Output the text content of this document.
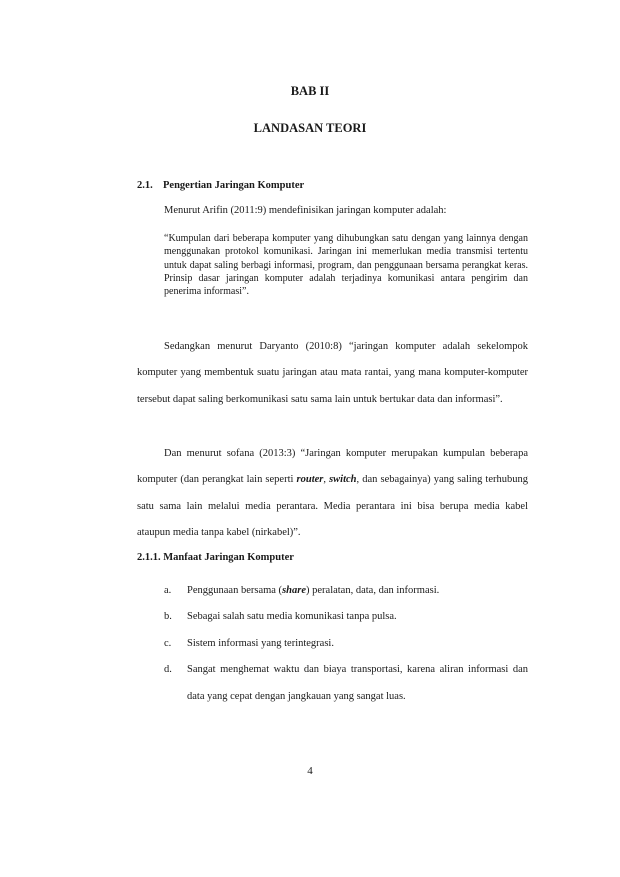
BAB II
LANDASAN TEORI
2.1. Pengertian Jaringan Komputer
Menurut Arifin (2011:9) mendefinisikan jaringan komputer adalah:
“Kumpulan dari beberapa komputer yang dihubungkan satu dengan yang lainnya dengan menggunakan protokol komunikasi. Jaringan ini memerlukan media transmisi tertentu untuk dapat saling berbagi informasi, program, dan penggunaan bersama perangkat keras. Prinsip dasar jaringan komputer adalah terjadinya komunikasi antara pengirim dan penerima informasi”.
Sedangkan menurut Daryanto (2010:8) “jaringan komputer adalah sekelompok komputer yang membentuk suatu jaringan atau mata rantai, yang mana komputer-komputer tersebut dapat saling berkomunikasi satu sama lain untuk bertukar data dan informasi”.
Dan menurut sofana (2013:3) “Jaringan komputer merupakan kumpulan beberapa komputer (dan perangkat lain seperti router, switch, dan sebagainya) yang saling terhubung satu sama lain melalui media perantara. Media perantara ini bisa berupa media kabel ataupun media tanpa kabel (nirkabel)”.
2.1.1. Manfaat Jaringan Komputer
a.	Penggunaan bersama (share) peralatan, data, dan informasi.
b.	Sebagai salah satu media komunikasi tanpa pulsa.
c.	Sistem informasi yang terintegrasi.
d.	Sangat menghemat waktu dan biaya transportasi, karena aliran informasi dan data yang cepat dengan jangkauan yang sangat luas.
4
